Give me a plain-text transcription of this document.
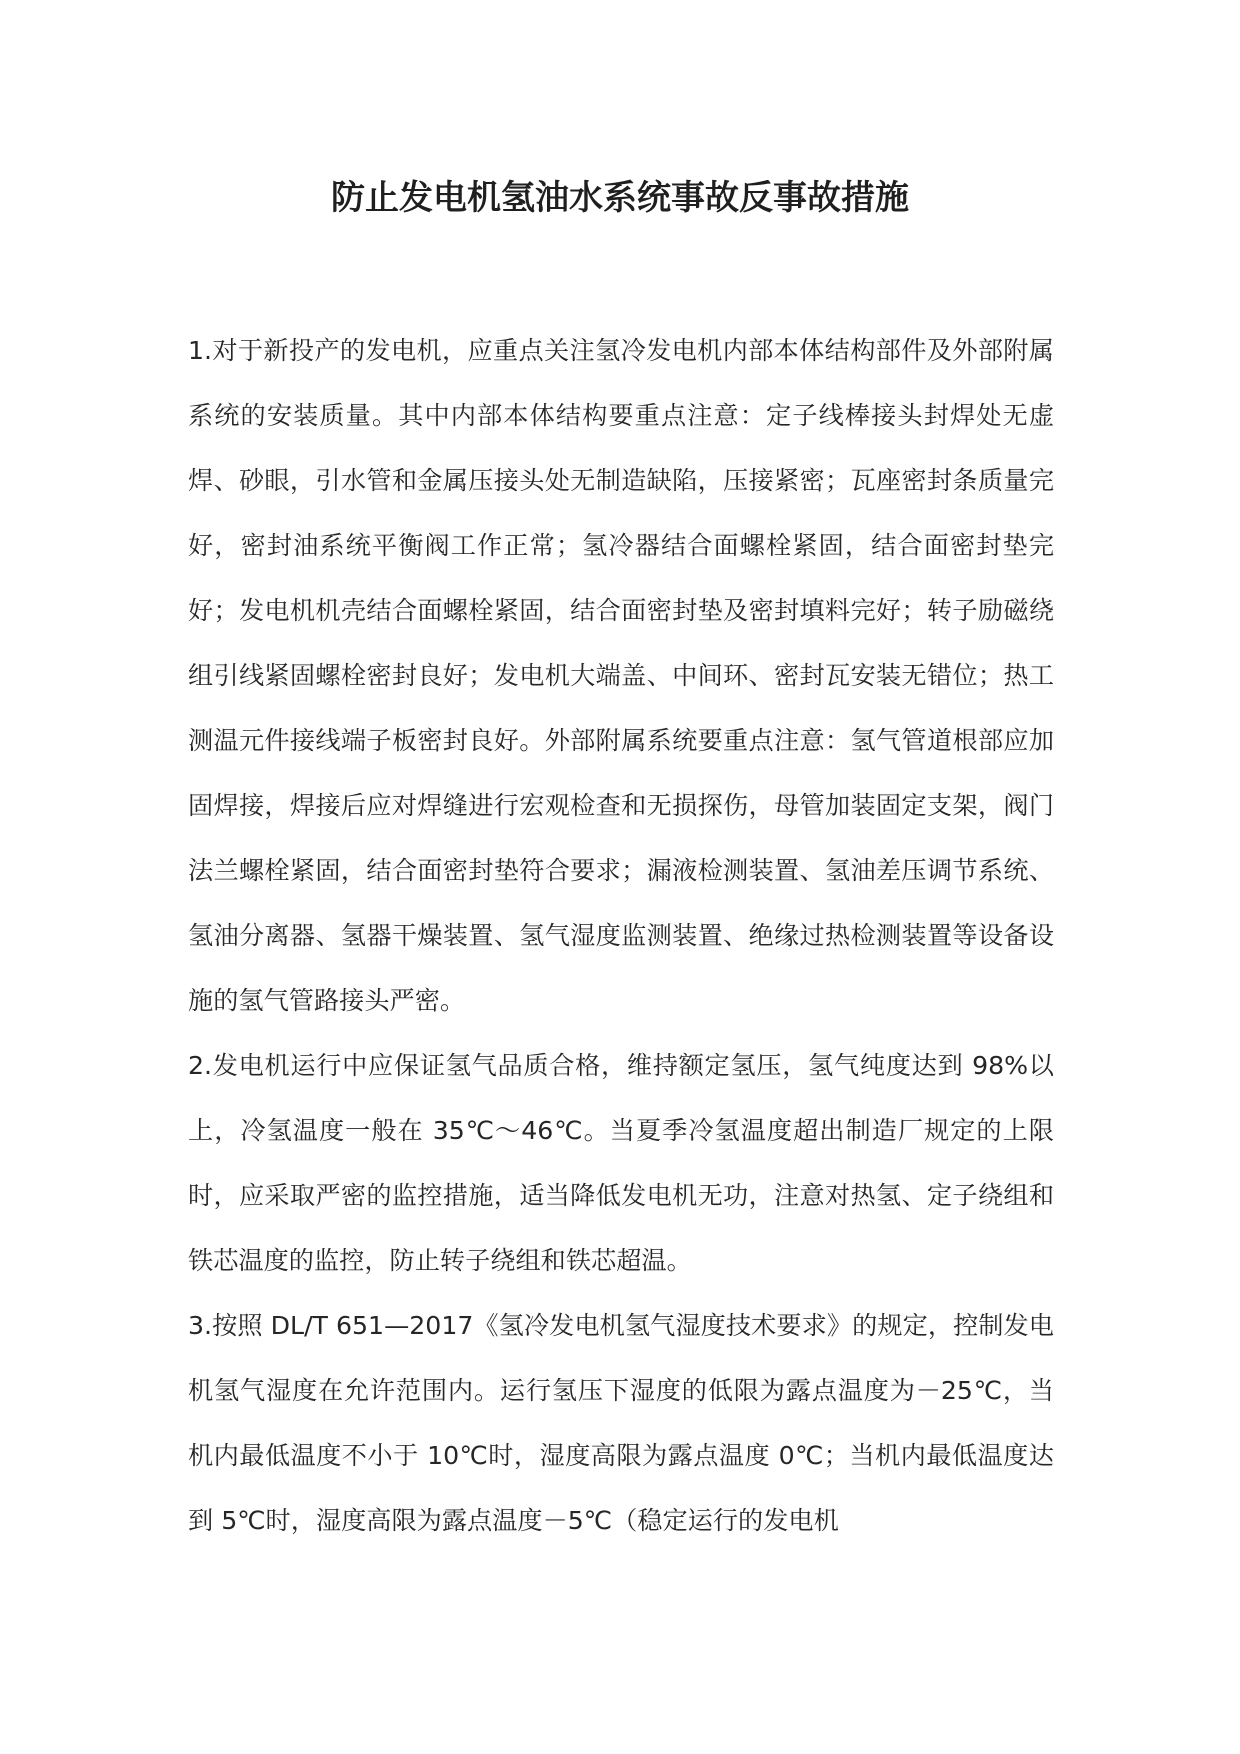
防止发电机氢油水系统事故反事故措施

1.对于新投产的发电机，应重点关注氢冷发电机内部本体结构部件及外部附属系统的安装质量。其中内部本体结构要重点注意：定子线棒接头封焊处无虚焊、砂眼，引水管和金属压接头处无制造缺陷，压接紧密；瓦座密封条质量完好，密封油系统平衡阀工作正常；氢冷器结合面螺栓紧固，结合面密封垫完好；发电机机壳结合面螺栓紧固，结合面密封垫及密封填料完好；转子励磁绕组引线紧固螺栓密封良好；发电机大端盖、中间环、密封瓦安装无错位；热工测温元件接线端子板密封良好。外部附属系统要重点注意：氢气管道根部应加固焊接，焊接后应对焊缝进行宏观检查和无损探伤，母管加装固定支架，阀门法兰螺栓紧固，结合面密封垫符合要求；漏液检测装置、氢油差压调节系统、氢油分离器、氢器干燥装置、氢气湿度监测装置、绝缘过热检测装置等设备设施的氢气管路接头严密。

2.发电机运行中应保证氢气品质合格，维持额定氢压，氢气纯度达到 98%以上，冷氢温度一般在 35℃～46℃。当夏季冷氢温度超出制造厂规定的上限时，应采取严密的监控措施，适当降低发电机无功，注意对热氢、定子绕组和铁芯温度的监控，防止转子绕组和铁芯超温。

3.按照 DL/T 651—2017《氢冷发电机氢气湿度技术要求》的规定，控制发电机氢气湿度在允许范围内。运行氢压下湿度的低限为露点温度为－25℃，当机内最低温度不小于 10℃时，湿度高限为露点温度 0℃；当机内最低温度达到 5℃时，湿度高限为露点温度－5℃（稳定运行的发电机
